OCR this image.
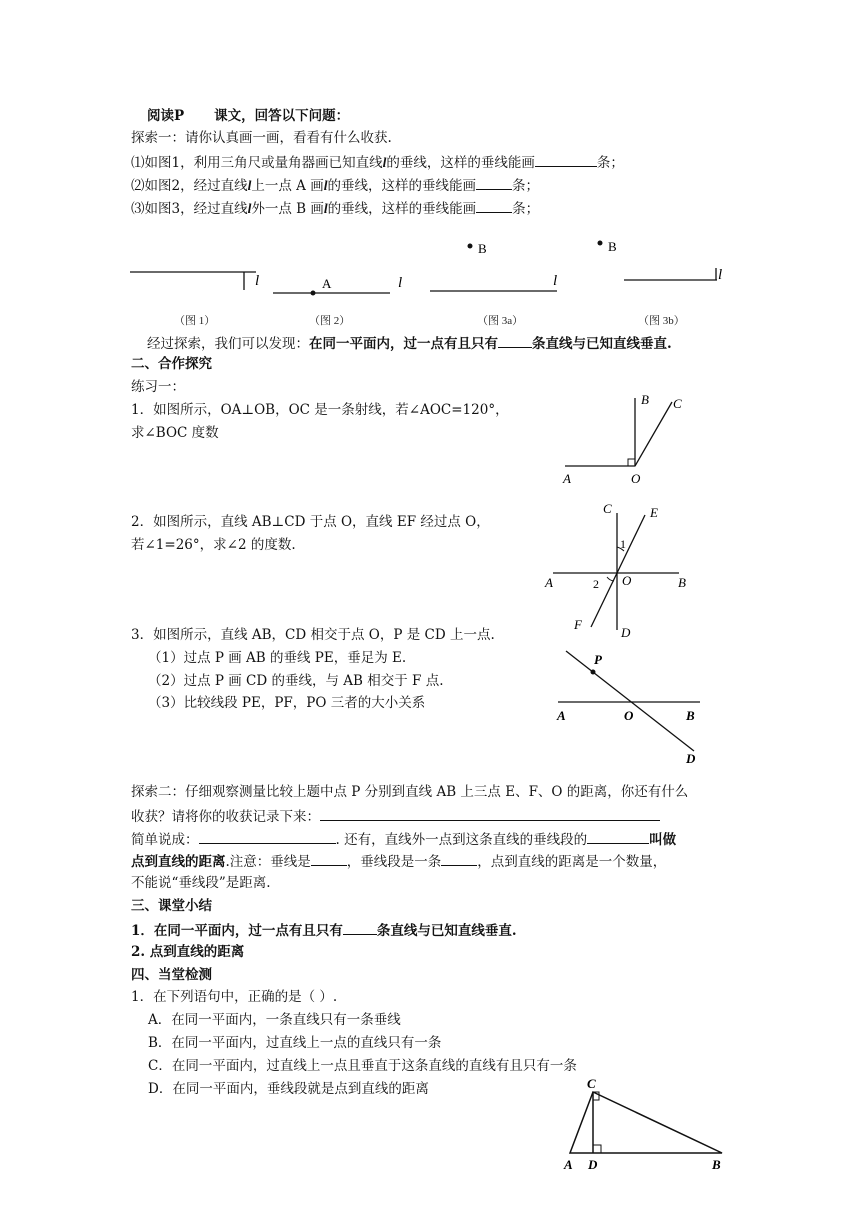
阅读P 课文，回答以下问题：
探索一：请你认真画一画，看看有什么收获.
⑴如图1，利用三角尺或量角器画已知直线l的垂线，这样的垂线能画	条；
⑵如图2，经过直线l上一点 A 画l的垂线，这样的垂线能画	条；
⑶如图3，经过直线l外一点 B 画l的垂线，这样的垂线能画	条；
l	A	l
B
l
B
l
（图 1）	（图 2）	（图 3a）	（图 3b）
经过探索，我们可以发现：在同一平面内，过一点有且只有	条直线与已知直线垂直.
二、合作探究
练习一：
1．如图所示，OA⊥OB，OC 是一条射线，若∠AOC=120°，
求∠BOC 度数
A	O
B C
2．如图所示，直线 AB⊥CD 于点 O，直线 EF 经过点 O，
若∠1=26°，求∠2 的度数.
A	B
C
D
E
F
O
1
2
3．如图所示，直线 AB，CD 相交于点 O，P 是 CD 上一点.
（1）过点 P 画 AB 的垂线 PE，垂足为 E.
（2）过点 P 画 CD 的垂线，与 AB 相交于 F 点.
（3）比较线段 PE，PF，PO 三者的大小关系
P
A	O	B
D
探索二：仔细观察测量比较上题中点 P 分别到直线 AB 上三点 E、F、O 的距离，你还有什么
收获？请将你的收获记录下来：
简单说成：	. 还有，直线外一点到这条直线的垂线段的	叫做
点到直线的距离.注意：垂线是	，垂线段是一条	，点到直线的距离是一个数量，
不能说“垂线段”是距离.
三、课堂小结
1．在同一平面内，过一点有且只有	条直线与已知直线垂直.
2. 点到直线的距离
四、当堂检测
1．在下列语句中，正确的是（ ）.
A．在同一平面内，一条直线只有一条垂线
B．在同一平面内，过直线上一点的直线只有一条
C．在同一平面内，过直线上一点且垂直于这条直线的直线有且只有一条
D．在同一平面内，垂线段就是点到直线的距离	C
A D	B
